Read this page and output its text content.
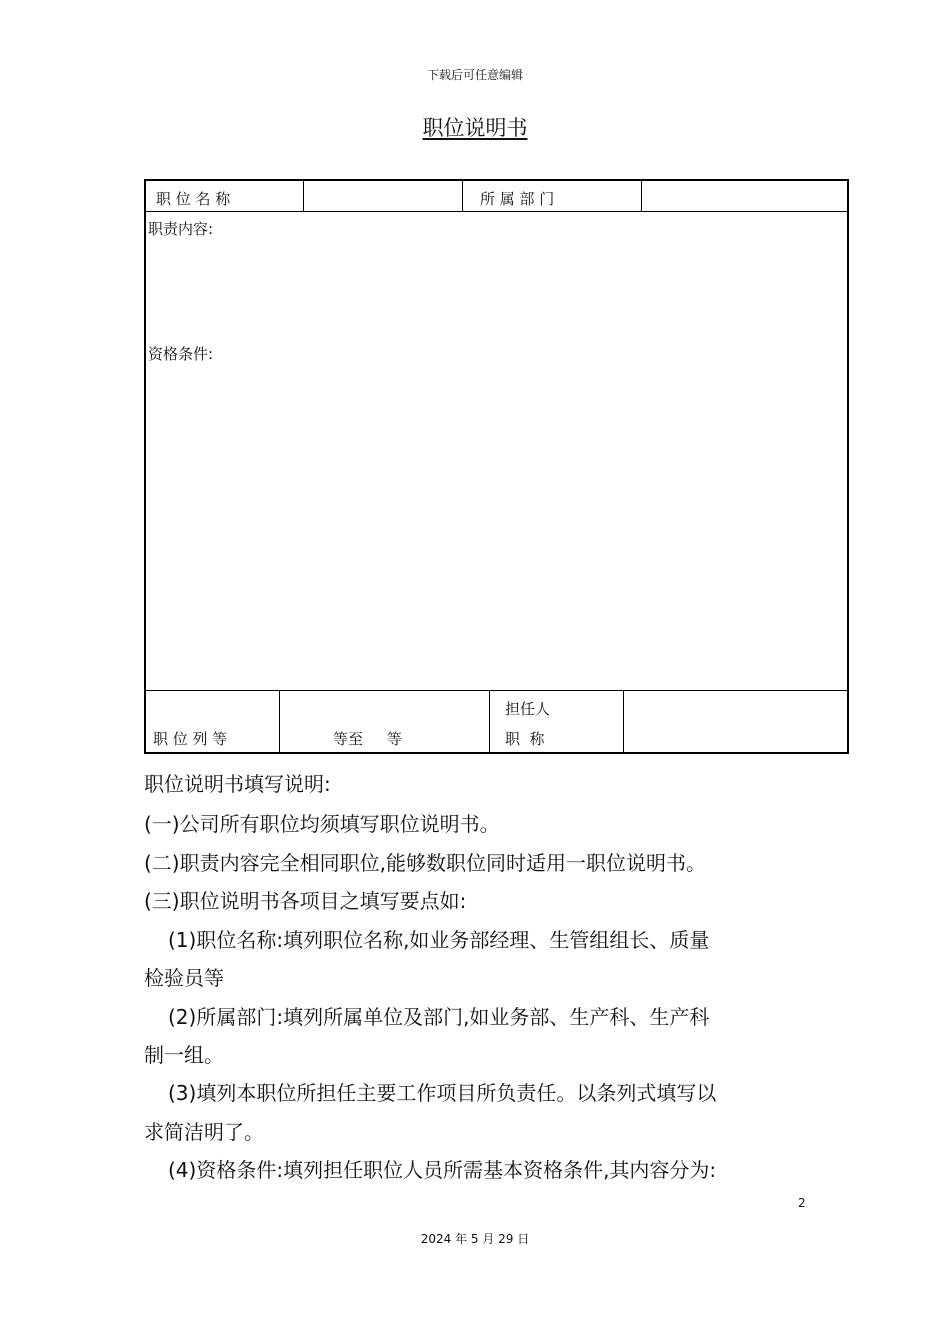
下载后可任意编辑
职位说明书
职 位 名 称	所 属 部 门
职责内容:
资格条件:
职 位 列 等	等至     等
担任人
职  称
职位说明书填写说明:
(一)公司所有职位均须填写职位说明书。
(二)职责内容完全相同职位,能够数职位同时适用一职位说明书。
(三)职位说明书各项目之填写要点如:
(1)职位名称:填列职位名称,如业务部经理、生管组组长、质量
检验员等
(2)所属部门:填列所属单位及部门,如业务部、生产科、生产科
制一组。
(3)填列本职位所担任主要工作项目所负责任。以条列式填写以
求简洁明了。
(4)资格条件:填列担任职位人员所需基本资格条件,其内容分为:
2
2024 年 5 月 29 日
